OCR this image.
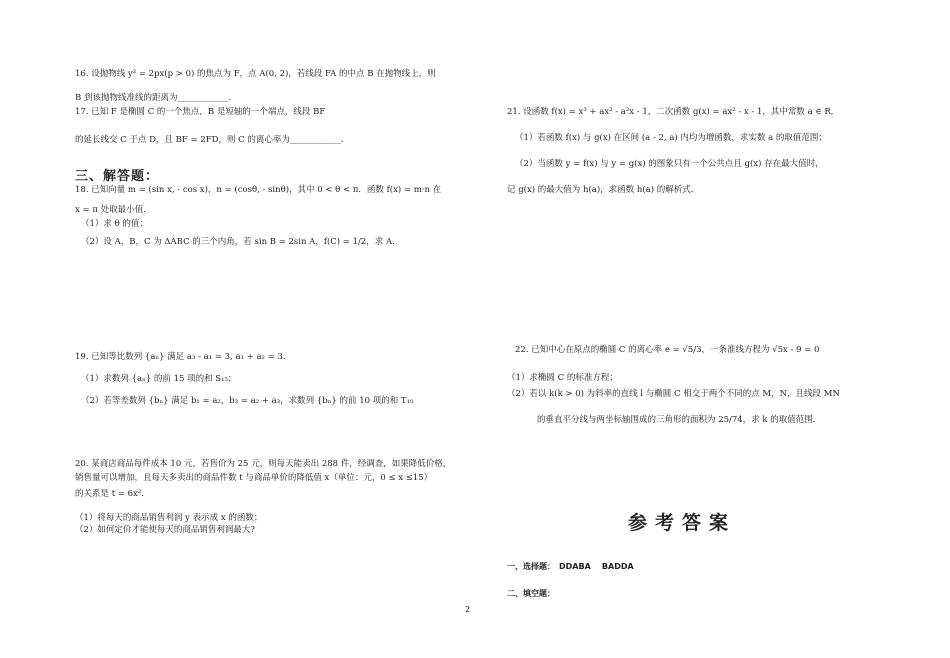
16. 设抛物线 y² = 2px(p > 0) 的焦点为 F，点 A(0, 2)，若线段 FA 的中点 B 在抛物线上，则

B 到该抛物线准线的距离为____________.

17. 已知 F 是椭圆 C 的一个焦点，B 是短轴的一个端点，线段 BF

的延长线交 C 于点 D，且 BF = 2FD，则 C 的离心率为____________.

三、解答题：

18. 已知向量 m = (sin x, - cos x)，n = (cosθ, - sinθ)，其中 0 < θ < π．函数 f(x) = m·n 在

x = π 处取最小值．

（1）求 θ 的值；

（2）设 A，B，C 为 ΔABC 的三个内角，若 sin B = 2sin A，f(C) = 1/2，求 A．

19. 已知等比数列 {aₙ} 满足 a₃ - a₁ = 3, a₁ + a₂ = 3．

（1）求数列 {aₙ} 的前 15 项的和 S₁₅；

（2）若等差数列 {bₙ} 满足 b₁ = a₂，b₃ = a₂ + a₃，求数列 {bₙ} 的前 10 项的和 T₁₀

20. 某商店商品每件成本 10 元，若售价为 25 元，则每天能卖出 288 件，经调查，如果降低价格，

销售量可以增加，且每天多卖出的商品件数 t 与商品单价的降低值 x（单位：元，0 ≤ x ≤15）

的关系是 t = 6x²．

（1）将每天的商品销售利润 y 表示成 x 的函数；

（2）如何定价才能使每天的商品销售利润最大?

21. 设函数 f(x) = x³ + ax² - a²x - 1，二次函数 g(x) = ax² - x - 1，其中常数 a ∈ R．

（1）若函数 f(x) 与 g(x) 在区间 (a - 2, a) 内均为增函数，求实数 a 的取值范围；

（2）当函数 y = f(x) 与 y = g(x) 的图象只有一个公共点且 g(x) 存在最大值时，

记 g(x) 的最大值为 h(a)，求函数 h(a) 的解析式．

22. 已知中心在原点的椭圆 C 的离心率 e = √5/3，一条准线方程为 √5x - 9 = 0

（1）求椭圆 C 的标准方程；

（2）若以 k(k > 0) 为斜率的直线 l 与椭圆 C 相交于两个不同的点 M，N，且线段 MN

的垂直平分线与两坐标轴围成的三角形的面积为 25/74，求 k 的取值范围．

参考答案
一、选择题： DDABA    BADDA
二、填空题：
2
